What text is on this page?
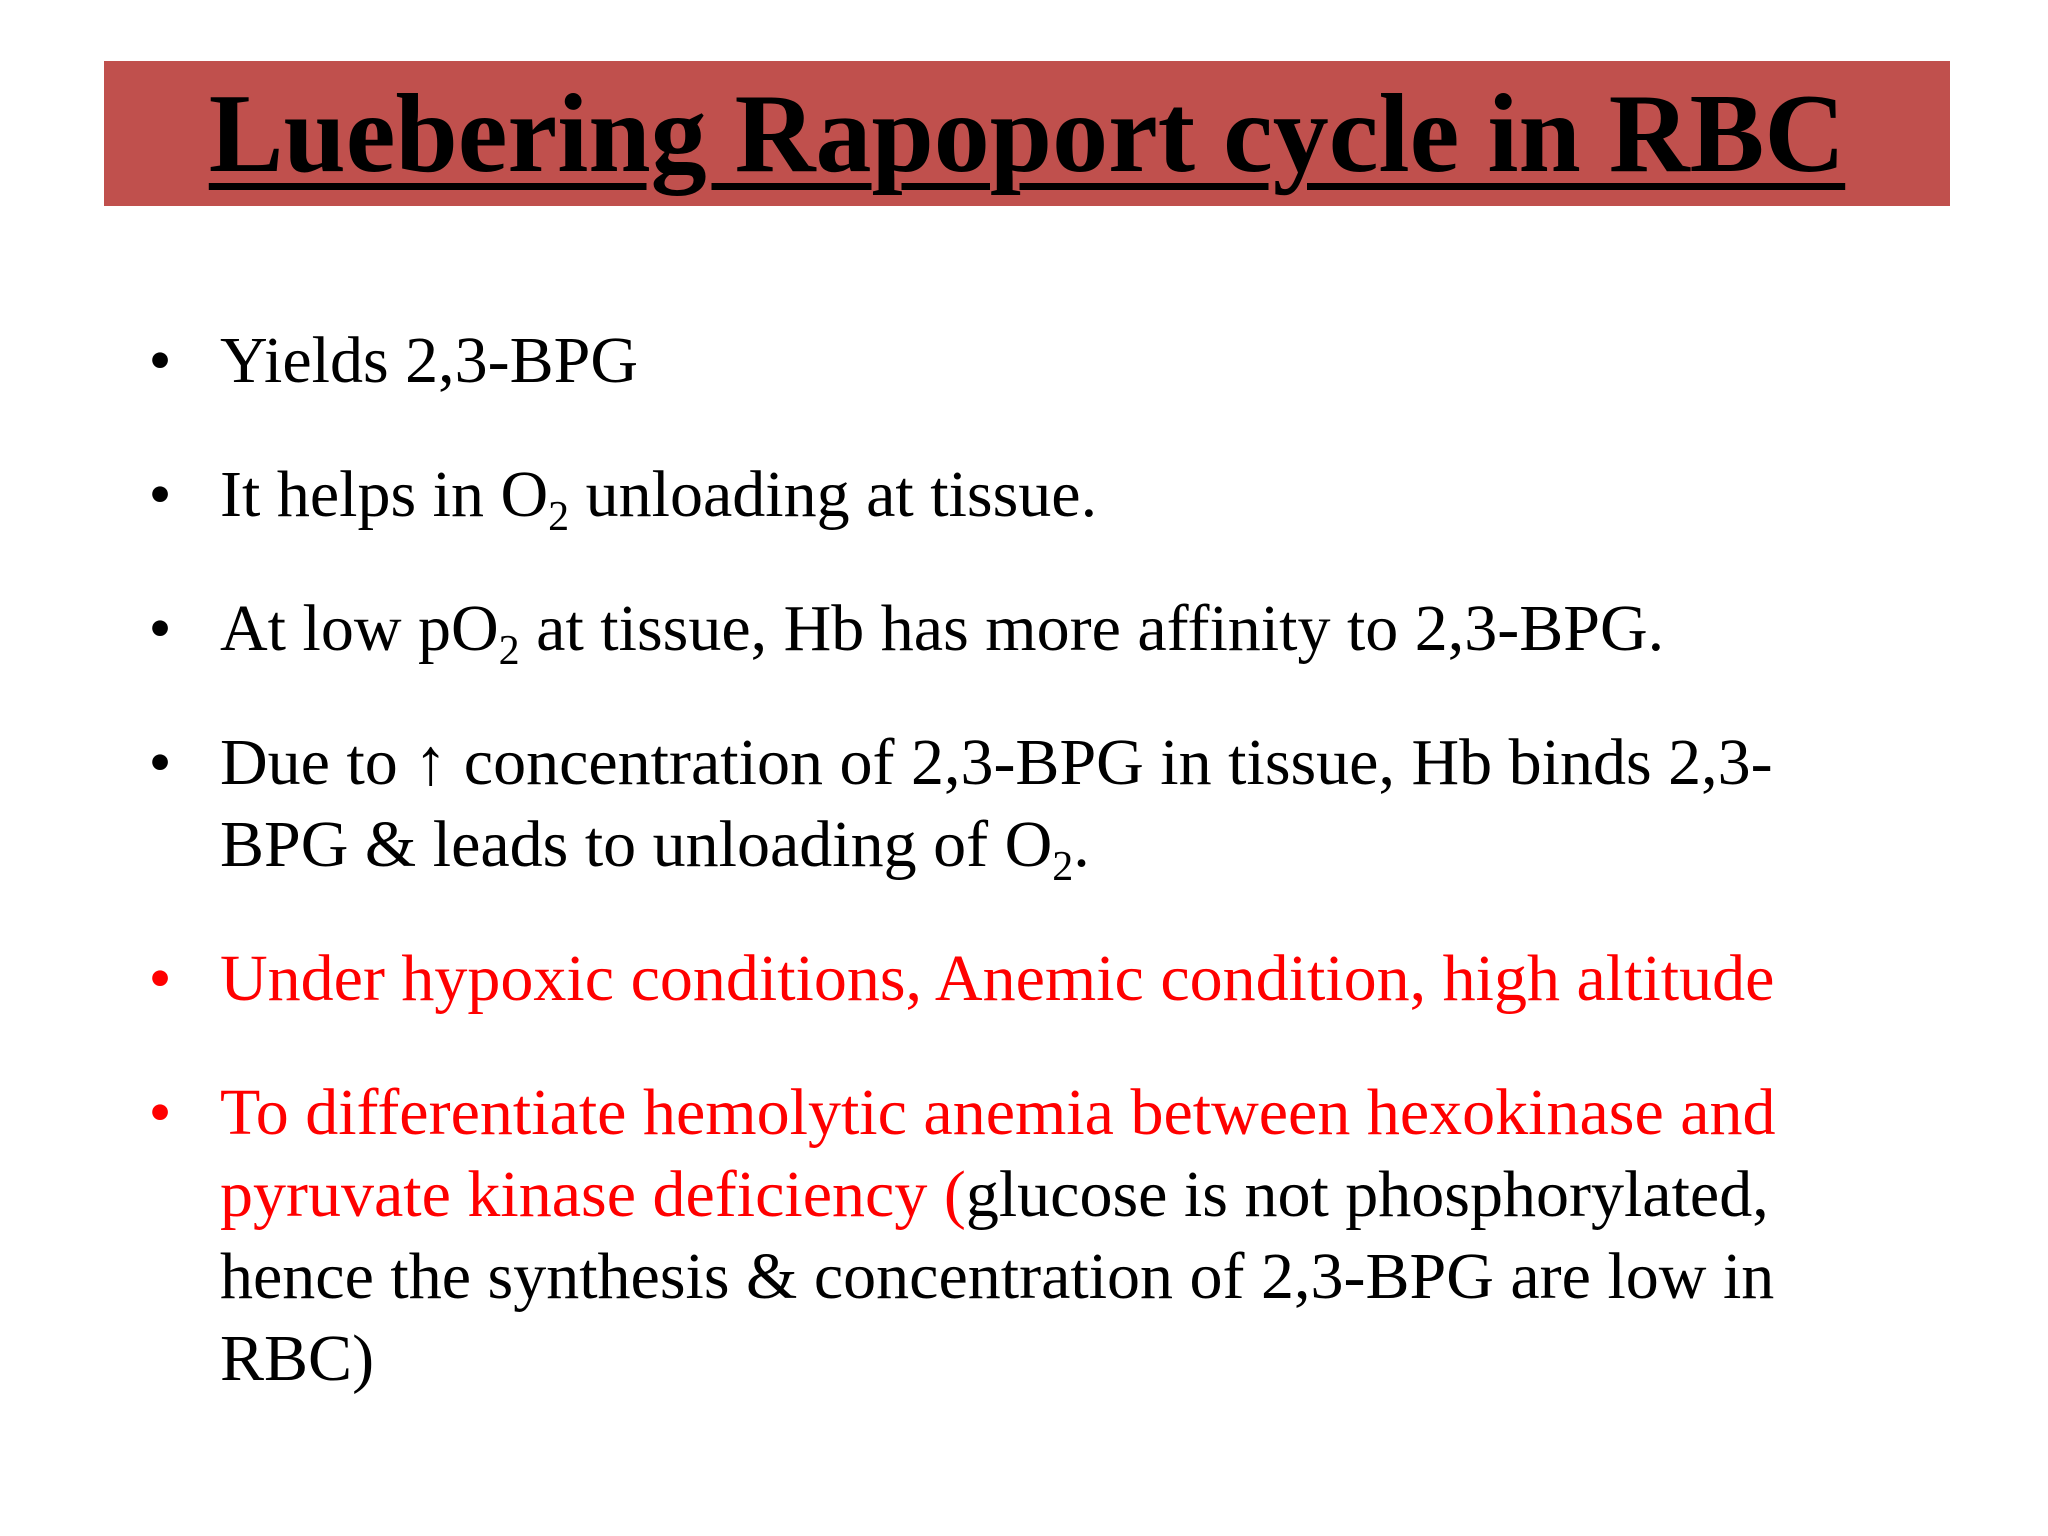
Luebering Rapoport cycle in RBC
• Yields 2,3-BPG
• It helps in $O_2$ unloading at tissue.
• At low $pO_2$ at tissue, Hb has more affinity to 2,3-BPG.
• Due to ↑ concentration of 2,3-BPG in tissue, Hb binds 2,3-BPG & leads to unloading of $O_2$.
• Under hypoxic conditions, Anemic condition, high altitude
• To differentiate hemolytic anemia between hexokinase and pyruvate kinase deficiency (glucose is not phosphorylated, hence the synthesis & concentration of 2,3-BPG are low in RBC)
